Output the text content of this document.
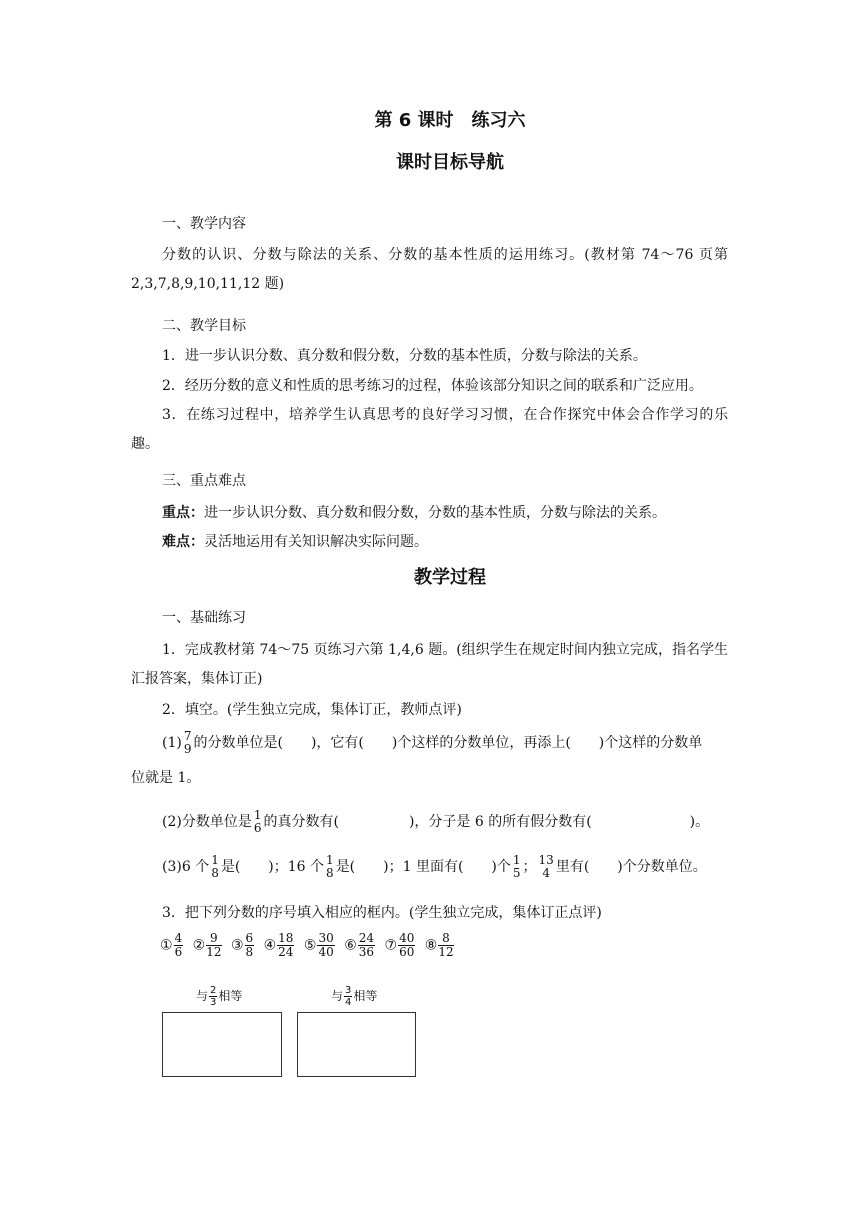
第 6 课时　练习六
课时目标导航
一、教学内容
分数的认识、分数与除法的关系、分数的基本性质的运用练习。(教材第 74～76 页第 2,3,7,8,9,10,11,12 题)
二、教学目标
1．进一步认识分数、真分数和假分数，分数的基本性质，分数与除法的关系。
2．经历分数的意义和性质的思考练习的过程，体验该部分知识之间的联系和广泛应用。
3．在练习过程中，培养学生认真思考的良好学习习惯，在合作探究中体会合作学习的乐趣。
三、重点难点
重点：进一步认识分数、真分数和假分数，分数的基本性质，分数与除法的关系。
难点：灵活地运用有关知识解决实际问题。
教学过程
一、基础练习
1．完成教材第 74～75 页练习六第 1,4,6 题。(组织学生在规定时间内独立完成，指名学生汇报答案，集体订正)
2．填空。(学生独立完成，集体订正，教师点评)
(1) 7
9 的分数单位是(　　)，它有(　　)个这样的分数单位，再添上(　　)个这样的分数单
位就是 1。
(2)分数单位是 1
6 的真分数有(　　　　　)，分子是 6 的所有假分数有(　　　　　　　)。
(3)6 个 1
8 是(　　)；16 个 1
8 是(　　)；1 里面有(　　)个 1
5 ； 13
4 里有(　　)个分数单位。
3．把下列分数的序号填入相应的框内。(学生独立完成，集体订正点评)
① $\frac{4}{6}$ ② $\frac{9}{12}$ ③ $\frac{6}{8}$ ④ $\frac{18}{24}$ ⑤ $\frac{30}{40}$ ⑥ $\frac{24}{36}$ ⑦ $\frac{40}{60}$ ⑧ $\frac{8}{12}$
与 $\frac{2}{3}$ 相等	与 $\frac{3}{4}$ 相等
